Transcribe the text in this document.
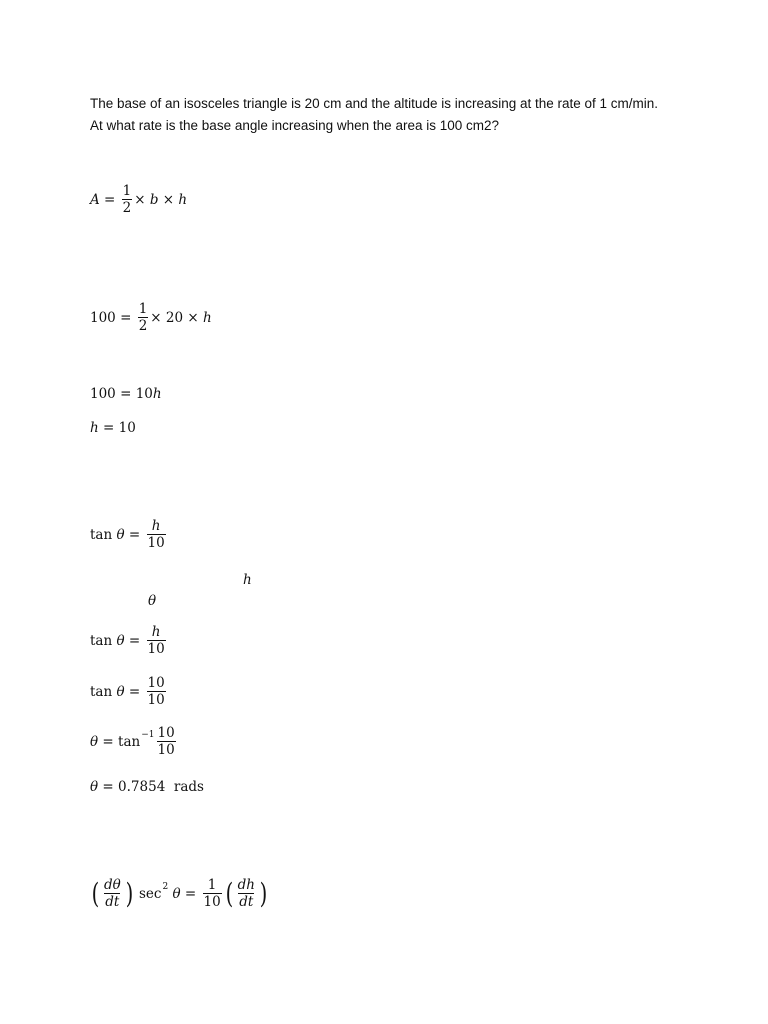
The base of an isosceles triangle is 20 cm and the altitude is increasing at the rate of 1 cm/min.

At what rate is the base angle increasing when the area is 100 cm2?

$A = \frac{1}{2} \times b \times h$
$100 = \frac{1}{2} \times 20 \times h$
100 = 10 h
h = 10
$\tan \theta = \frac{h}{10}$
h
θ
$\tan \theta = \frac{h}{10}$
$\tan \theta = \frac{10}{10}$
$\theta = \tan -1 \frac{10}{10}$
θ = 0.7854 rads
( $\frac{d\theta}{dt}$ ) sec 2 $\theta = \frac{1}{10}$ ( $\frac{dh}{dt}$ )
